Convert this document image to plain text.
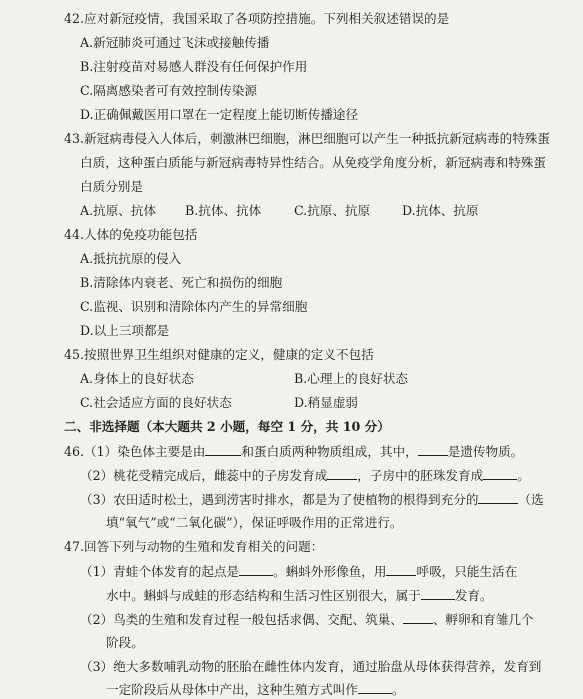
42.应对新冠疫情，我国采取了各项防控措施。下列相关叙述错误的是
A.新冠肺炎可通过飞沫或接触传播
B.注射疫苗对易感人群没有任何保护作用
C.隔离感染者可有效控制传染源
D.正确佩戴医用口罩在一定程度上能切断传播途径
43.新冠病毒侵入人体后，刺激淋巴细胞，淋巴细胞可以产生一种抵抗新冠病毒的特殊蛋
白质，这种蛋白质能与新冠病毒特异性结合。从免疫学角度分析，新冠病毒和特殊蛋
白质分别是
A.抗原、抗体 B.抗体、抗体	C.抗原、抗原	D.抗体、抗原
44.人体的免疫功能包括
A.抵抗抗原的侵入
B.清除体内衰老、死亡和损伤的细胞
C.监视、识别和清除体内产生的异常细胞
D.以上三项都是
45.按照世界卫生组织对健康的定义，健康的定义不包括
A.身体上的良好状态	B.心理上的良好状态
C.社会适应方面的良好状态	D.稍显虚弱
二、非选择题（本大题共 2 小题，每空 1 分，共 10 分）
46.（1）染色体主要是由	和蛋白质两种物质组成，其中， 是遗传物质。
（2）桃花受精完成后，雌蕊中的子房发育成 ，子房中的胚珠发育成	。
（3）农田适时松土，遇到涝害时排水，都是为了使植物的根得到充分的	（选
填“氧气”或“二氧化碳”），保证呼吸作用的正常进行。
47.回答下列与动物的生殖和发育相关的问题：
（1）青蛙个体发育的起点是	。蝌蚪外形像鱼，用 呼吸，只能生活在
水中。蝌蚪与成蛙的形态结构和生活习性区别很大，属于	发育。
（2）鸟类的生殖和发育过程一般包括求偶、交配、筑巢、 、孵卵和育雏几个
阶段。
（3）绝大多数哺乳动物的胚胎在雌性体内发育，通过胎盘从母体获得营养，发育到
一定阶段后从母体中产出，这种生殖方式叫作	。
